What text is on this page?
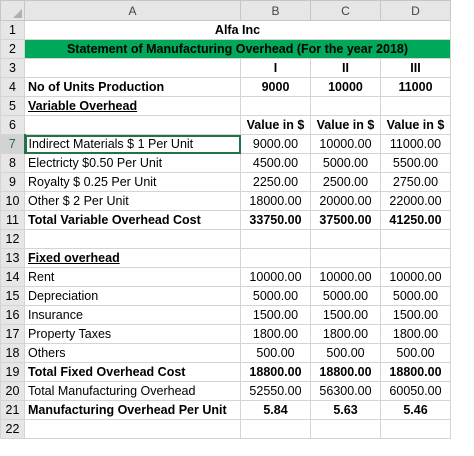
	A	B	C	D
1	Alfa Inc			
2	Statement of Manufacturing Overhead (For the year 2018)			
3		I	II	III
4	No of Units Production	9000	10000	11000
5	Variable Overhead			
6		Value in $	Value in $	Value in $
7	Indirect Materials $ 1 Per Unit	9000.00	10000.00	11000.00
8	Electricty $0.50 Per Unit	4500.00	5000.00	5500.00
9	Royalty $ 0.25 Per Unit	2250.00	2500.00	2750.00
10	Other $ 2 Per Unit	18000.00	20000.00	22000.00
11	Total Variable Overhead Cost	33750.00	37500.00	41250.00
12				
13	Fixed overhead			
14	Rent	10000.00	10000.00	10000.00
15	Depreciation	5000.00	5000.00	5000.00
16	Insurance	1500.00	1500.00	1500.00
17	Property Taxes	1800.00	1800.00	1800.00
18	Others	500.00	500.00	500.00
19	Total Fixed Overhead Cost	18800.00	18800.00	18800.00
20	Total Manufacturing Overhead	52550.00	56300.00	60050.00
21	Manufacturing Overhead Per Unit	5.84	5.63	5.46
22				
